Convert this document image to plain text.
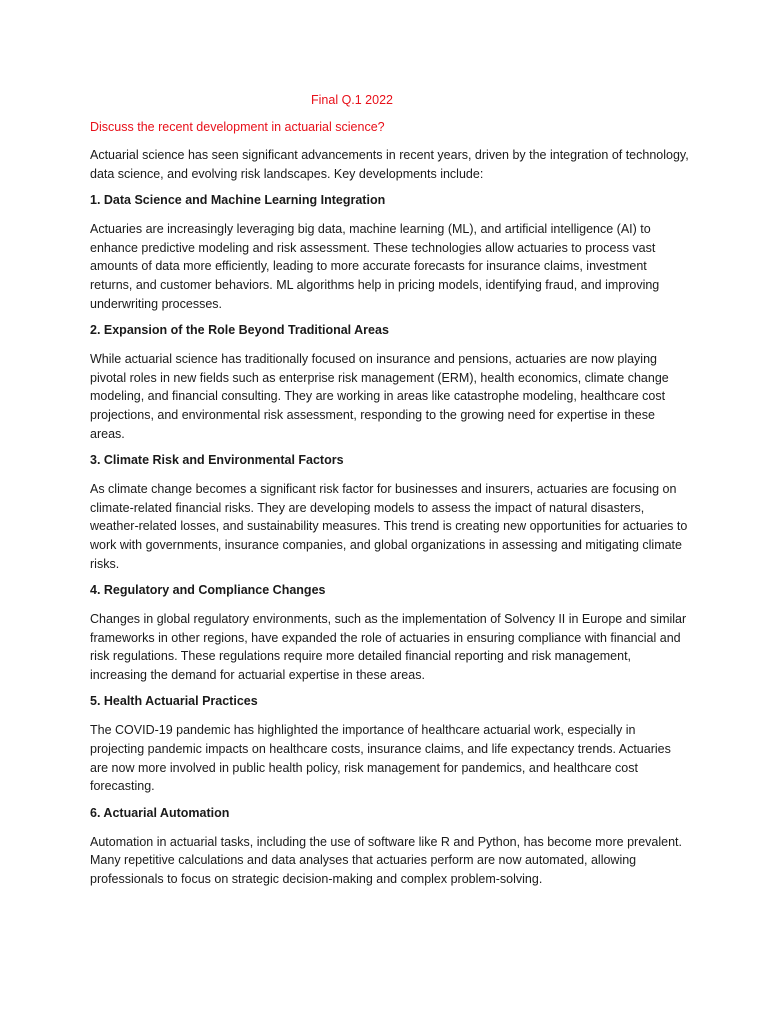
Final Q.1 2022
Discuss the recent development in actuarial science?

Actuarial science has seen significant advancements in recent years, driven by the integration of technology, data science, and evolving risk landscapes. Key developments include:

1. Data Science and Machine Learning Integration

Actuaries are increasingly leveraging big data, machine learning (ML), and artificial intelligence (AI) to enhance predictive modeling and risk assessment. These technologies allow actuaries to process vast amounts of data more efficiently, leading to more accurate forecasts for insurance claims, investment returns, and customer behaviors. ML algorithms help in pricing models, identifying fraud, and improving underwriting processes.

2. Expansion of the Role Beyond Traditional Areas

While actuarial science has traditionally focused on insurance and pensions, actuaries are now playing pivotal roles in new fields such as enterprise risk management (ERM), health economics, climate change modeling, and financial consulting. They are working in areas like catastrophe modeling, healthcare cost projections, and environmental risk assessment, responding to the growing need for expertise in these areas.

3. Climate Risk and Environmental Factors

As climate change becomes a significant risk factor for businesses and insurers, actuaries are focusing on climate-related financial risks. They are developing models to assess the impact of natural disasters, weather-related losses, and sustainability measures. This trend is creating new opportunities for actuaries to work with governments, insurance companies, and global organizations in assessing and mitigating climate risks.

4. Regulatory and Compliance Changes

Changes in global regulatory environments, such as the implementation of Solvency II in Europe and similar frameworks in other regions, have expanded the role of actuaries in ensuring compliance with financial and risk regulations. These regulations require more detailed financial reporting and risk management, increasing the demand for actuarial expertise in these areas.

5. Health Actuarial Practices

The COVID-19 pandemic has highlighted the importance of healthcare actuarial work, especially in projecting pandemic impacts on healthcare costs, insurance claims, and life expectancy trends. Actuaries are now more involved in public health policy, risk management for pandemics, and healthcare cost forecasting.

6. Actuarial Automation

Automation in actuarial tasks, including the use of software like R and Python, has become more prevalent. Many repetitive calculations and data analyses that actuaries perform are now automated, allowing professionals to focus on strategic decision-making and complex problem-solving.
